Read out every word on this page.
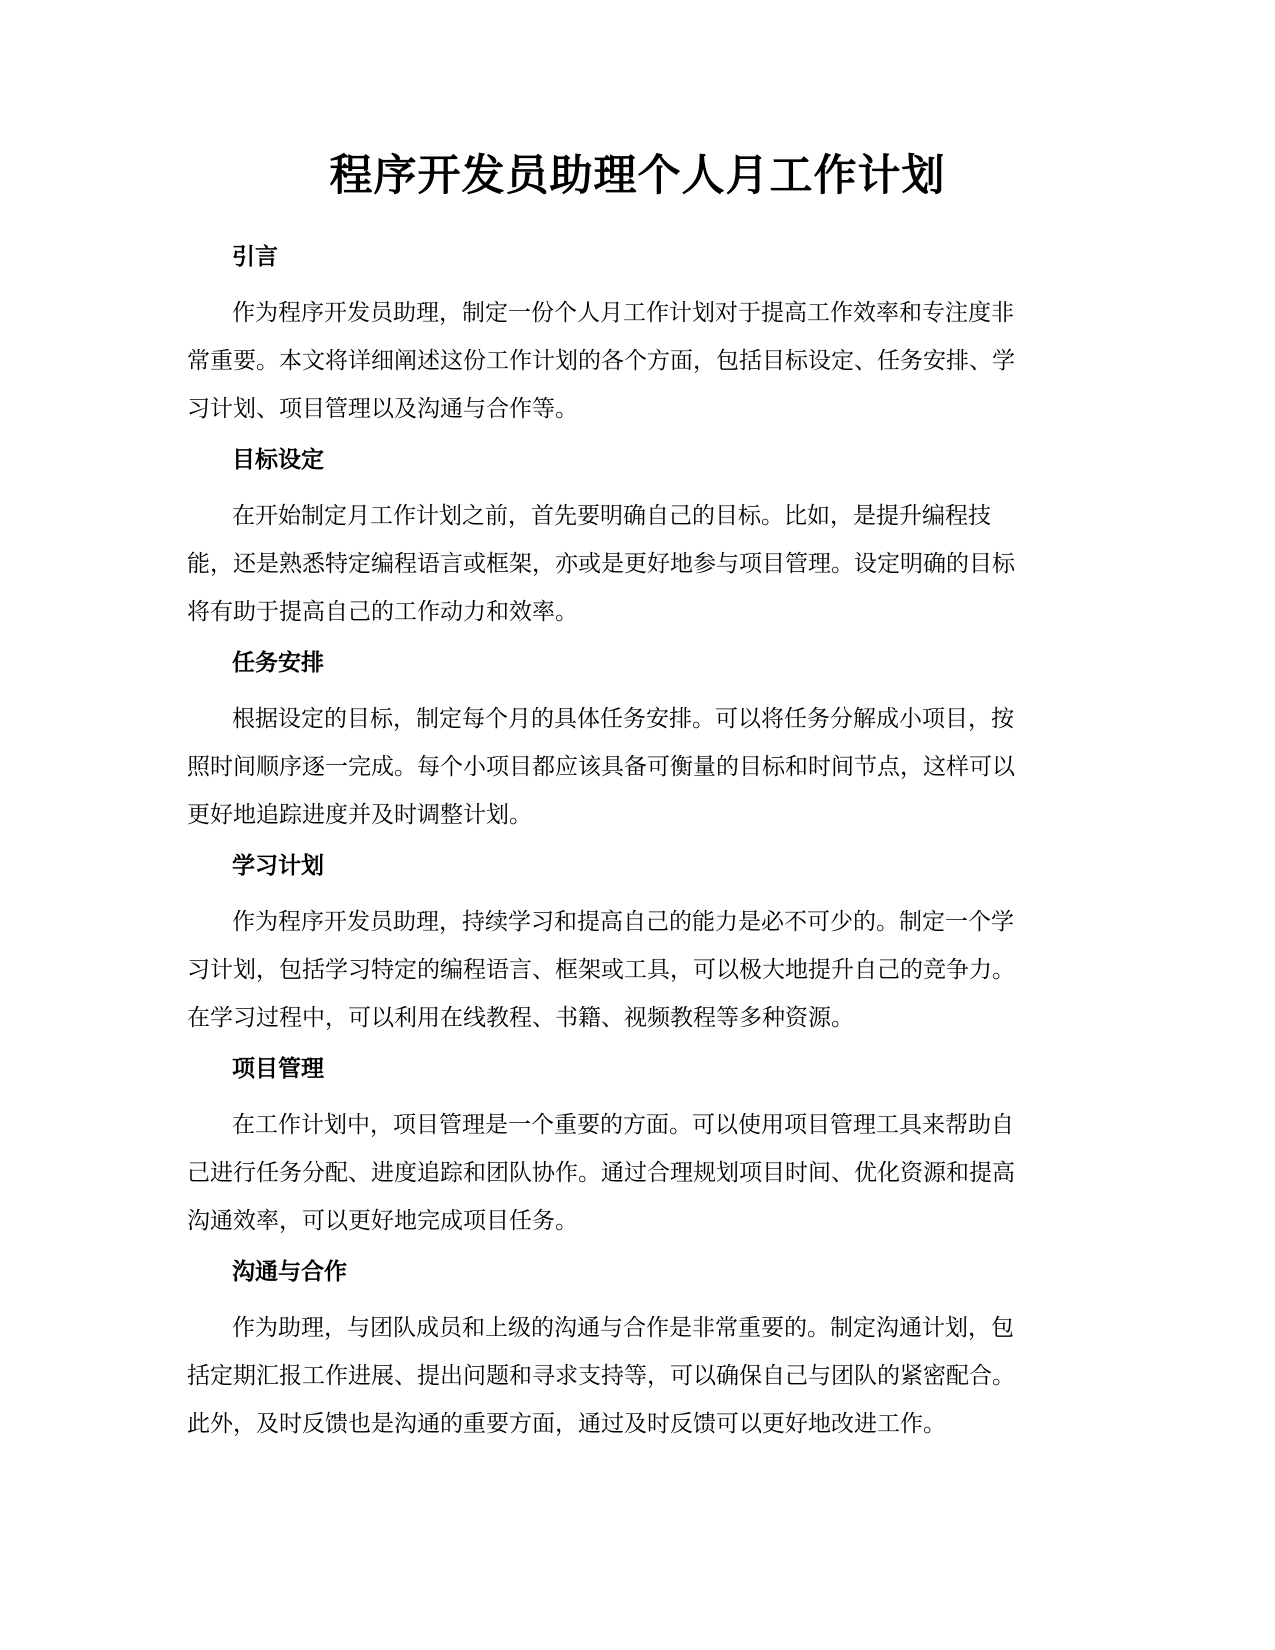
程序开发员助理个人月工作计划
引言
作为程序开发员助理，制定一份个人月工作计划对于提高工作效率和专注度非
常重要。本文将详细阐述这份工作计划的各个方面，包括目标设定、任务安排、学
习计划、项目管理以及沟通与合作等。
目标设定
在开始制定月工作计划之前，首先要明确自己的目标。比如，是提升编程技
能，还是熟悉特定编程语言或框架，亦或是更好地参与项目管理。设定明确的目标
将有助于提高自己的工作动力和效率。
任务安排
根据设定的目标，制定每个月的具体任务安排。可以将任务分解成小项目，按
照时间顺序逐一完成。每个小项目都应该具备可衡量的目标和时间节点，这样可以
更好地追踪进度并及时调整计划。
学习计划
作为程序开发员助理，持续学习和提高自己的能力是必不可少的。制定一个学
习计划，包括学习特定的编程语言、框架或工具，可以极大地提升自己的竞争力。
在学习过程中，可以利用在线教程、书籍、视频教程等多种资源。
项目管理
在工作计划中，项目管理是一个重要的方面。可以使用项目管理工具来帮助自
己进行任务分配、进度追踪和团队协作。通过合理规划项目时间、优化资源和提高
沟通效率，可以更好地完成项目任务。
沟通与合作
作为助理，与团队成员和上级的沟通与合作是非常重要的。制定沟通计划，包
括定期汇报工作进展、提出问题和寻求支持等，可以确保自己与团队的紧密配合。
此外，及时反馈也是沟通的重要方面，通过及时反馈可以更好地改进工作。
